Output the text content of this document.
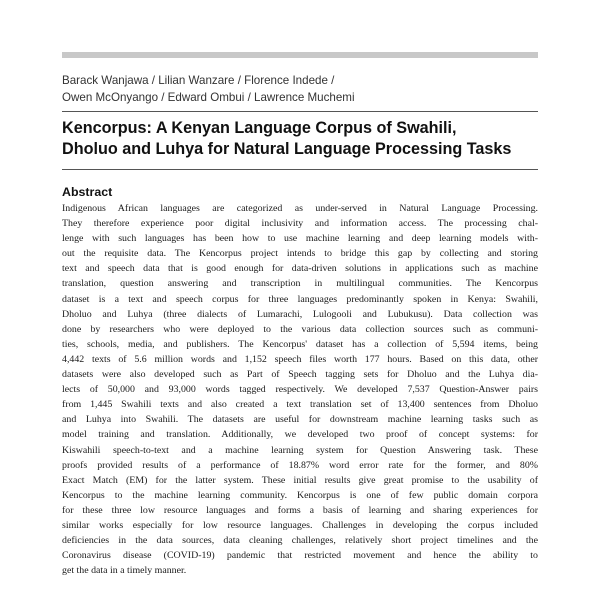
Barack Wanjawa / Lilian Wanzare / Florence Indede /
Owen McOnyango / Edward Ombui / Lawrence Muchemi
Kencorpus: A Kenyan Language Corpus of Swahili,
Dholuo and Luhya for Natural Language Processing Tasks
Abstract
Indigenous African languages are categorized as under-served in Natural Language Processing.
They therefore experience poor digital inclusivity and information access. The processing chal-
lenge with such languages has been how to use machine learning and deep learning models with-
out the requisite data. The Kencorpus project intends to bridge this gap by collecting and storing
text and speech data that is good enough for data-driven solutions in applications such as machine
translation, question answering and transcription in multilingual communities. The Kencorpus
dataset is a text and speech corpus for three languages predominantly spoken in Kenya: Swahili,
Dholuo and Luhya (three dialects of Lumarachi, Lulogooli and Lubukusu). Data collection was
done by researchers who were deployed to the various data collection sources such as communi-
ties, schools, media, and publishers. The Kencorpus' dataset has a collection of 5,594 items, being
4,442 texts of 5.6 million words and 1,152 speech files worth 177 hours. Based on this data, other
datasets were also developed such as Part of Speech tagging sets for Dholuo and the Luhya dia-
lects of 50,000 and 93,000 words tagged respectively. We developed 7,537 Question-Answer pairs
from 1,445 Swahili texts and also created a text translation set of 13,400 sentences from Dholuo
and Luhya into Swahili. The datasets are useful for downstream machine learning tasks such as
model training and translation. Additionally, we developed two proof of concept systems: for
Kiswahili speech-to-text and a machine learning system for Question Answering task. These
proofs provided results of a performance of 18.87% word error rate for the former, and 80%
Exact Match (EM) for the latter system. These initial results give great promise to the usability of
Kencorpus to the machine learning community. Kencorpus is one of few public domain corpora
for these three low resource languages and forms a basis of learning and sharing experiences for
similar works especially for low resource languages. Challenges in developing the corpus included
deficiencies in the data sources, data cleaning challenges, relatively short project timelines and the
Coronavirus disease (COVID-19) pandemic that restricted movement and hence the ability to
get the data in a timely manner.
